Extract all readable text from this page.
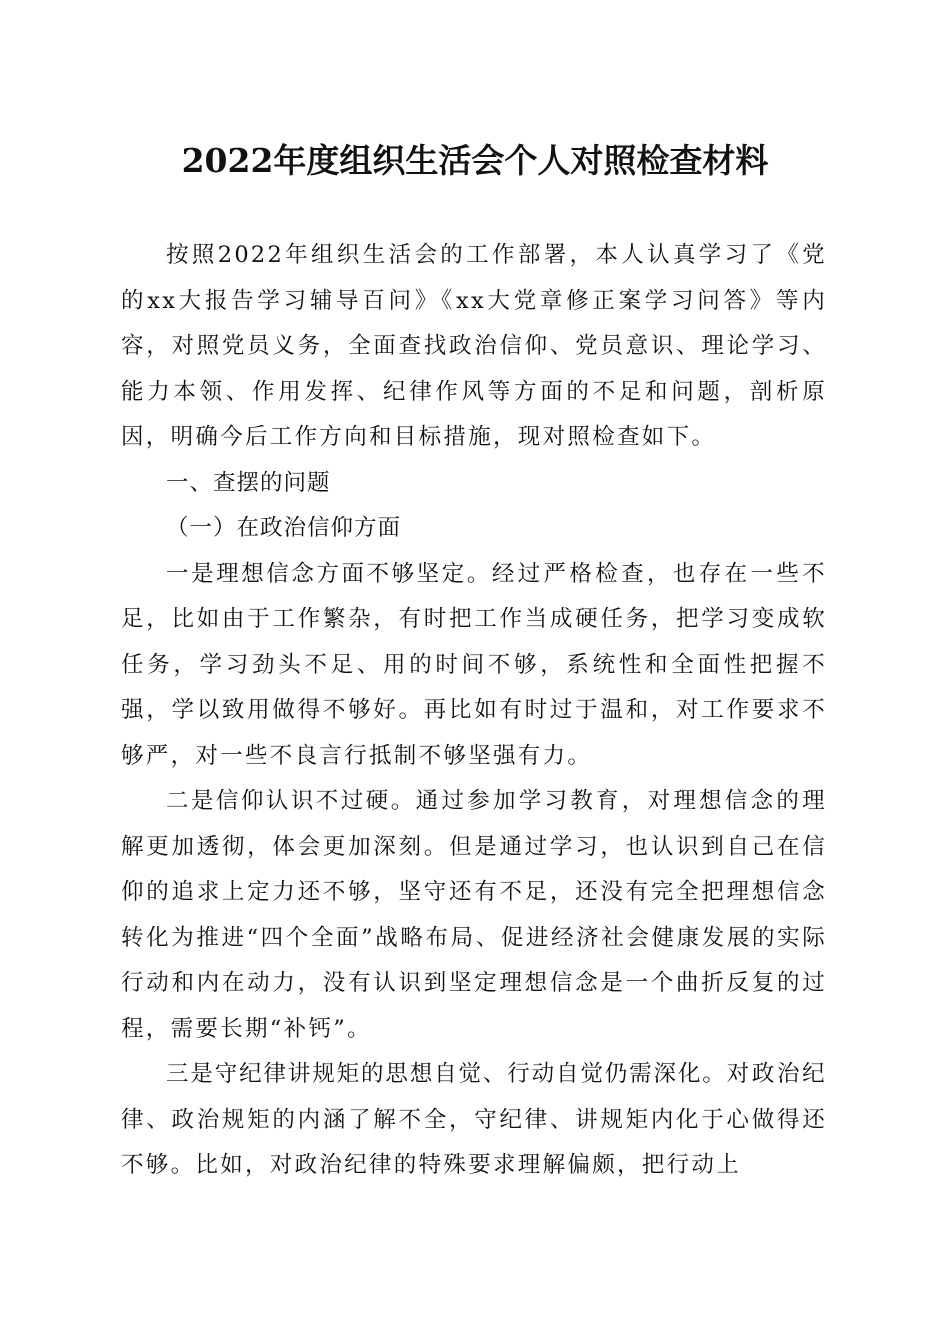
2022年度组织生活会个人对照检查材料

按照2022年组织生活会的工作部署，本人认真学习了《党的xx大报告学习辅导百问》《xx大党章修正案学习问答》等内容，对照党员义务，全面查找政治信仰、党员意识、理论学习、能力本领、作用发挥、纪律作风等方面的不足和问题，剖析原因，明确今后工作方向和目标措施，现对照检查如下。

一、查摆的问题

（一）在政治信仰方面

一是理想信念方面不够坚定。经过严格检查，也存在一些不足，比如由于工作繁杂，有时把工作当成硬任务，把学习变成软任务，学习劲头不足、用的时间不够，系统性和全面性把握不强，学以致用做得不够好。再比如有时过于温和，对工作要求不够严，对一些不良言行抵制不够坚强有力。

二是信仰认识不过硬。通过参加学习教育，对理想信念的理解更加透彻，体会更加深刻。但是通过学习，也认识到自己在信仰的追求上定力还不够，坚守还有不足，还没有完全把理想信念转化为推进“四个全面”战略布局、促进经济社会健康发展的实际行动和内在动力，没有认识到坚定理想信念是一个曲折反复的过程，需要长期“补钙”。

三是守纪律讲规矩的思想自觉、行动自觉仍需深化。对政治纪律、政治规矩的内涵了解不全，守纪律、讲规矩内化于心做得还不够。比如，对政治纪律的特殊要求理解偏颇，把行动上
